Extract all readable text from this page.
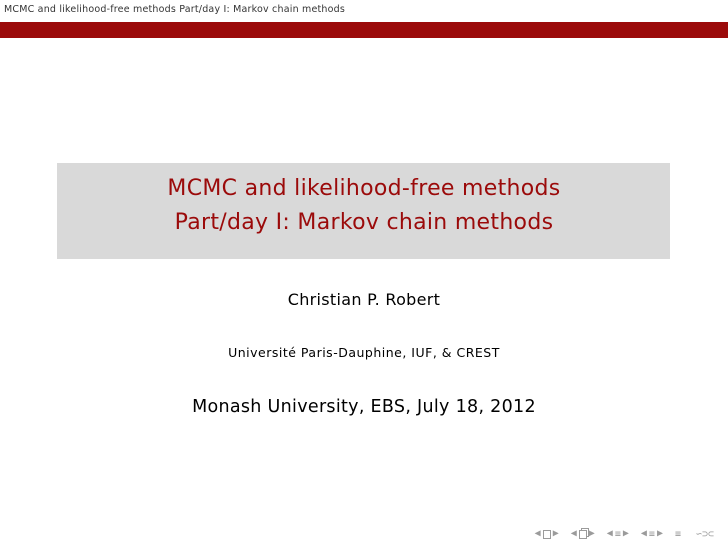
MCMC and likelihood-free methods Part/day I: Markov chain methods
MCMC and likelihood-free methods
Part/day I: Markov chain methods
Christian P. Robert
Université Paris-Dauphine, IUF, & CREST
Monash University, EBS, July 18, 2012
◀ ▶ ◀ ▶ ◀ ≡ ▶ ◀ ≡ ▶ ≡	∽⊃⊂
